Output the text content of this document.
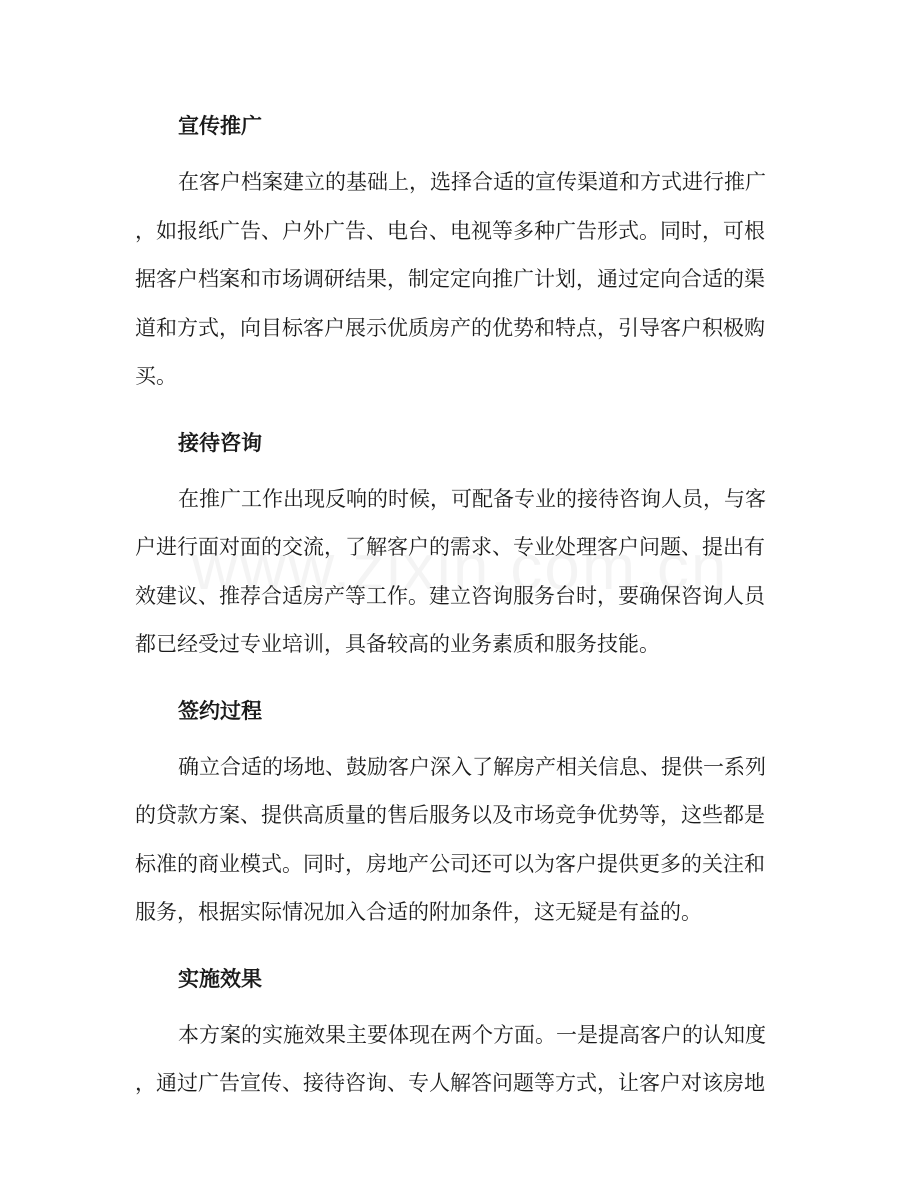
宣传推广
在客户档案建立的基础上，选择合适的宣传渠道和方式进行推广
，如报纸广告、户外广告、电台、电视等多种广告形式。同时，可根
据客户档案和市场调研结果，制定定向推广计划，通过定向合适的渠
道和方式，向目标客户展示优质房产的优势和特点，引导客户积极购
买。
接待咨询
在推广工作出现反响的时候，可配备专业的接待咨询人员，与客
户进行面对面的交流，了解客户的需求、专业处理客户问题、提出有
效建议、推荐合适房产等工作。建立咨询服务台时，要确保咨询人员
都已经受过专业培训，具备较高的业务素质和服务技能。
签约过程
确立合适的场地、鼓励客户深入了解房产相关信息、提供一系列
的贷款方案、提供高质量的售后服务以及市场竞争优势等，这些都是
标准的商业模式。同时，房地产公司还可以为客户提供更多的关注和
服务，根据实际情况加入合适的附加条件，这无疑是有益的。
实施效果
本方案的实施效果主要体现在两个方面。一是提高客户的认知度
，通过广告宣传、接待咨询、专人解答问题等方式，让客户对该房地
